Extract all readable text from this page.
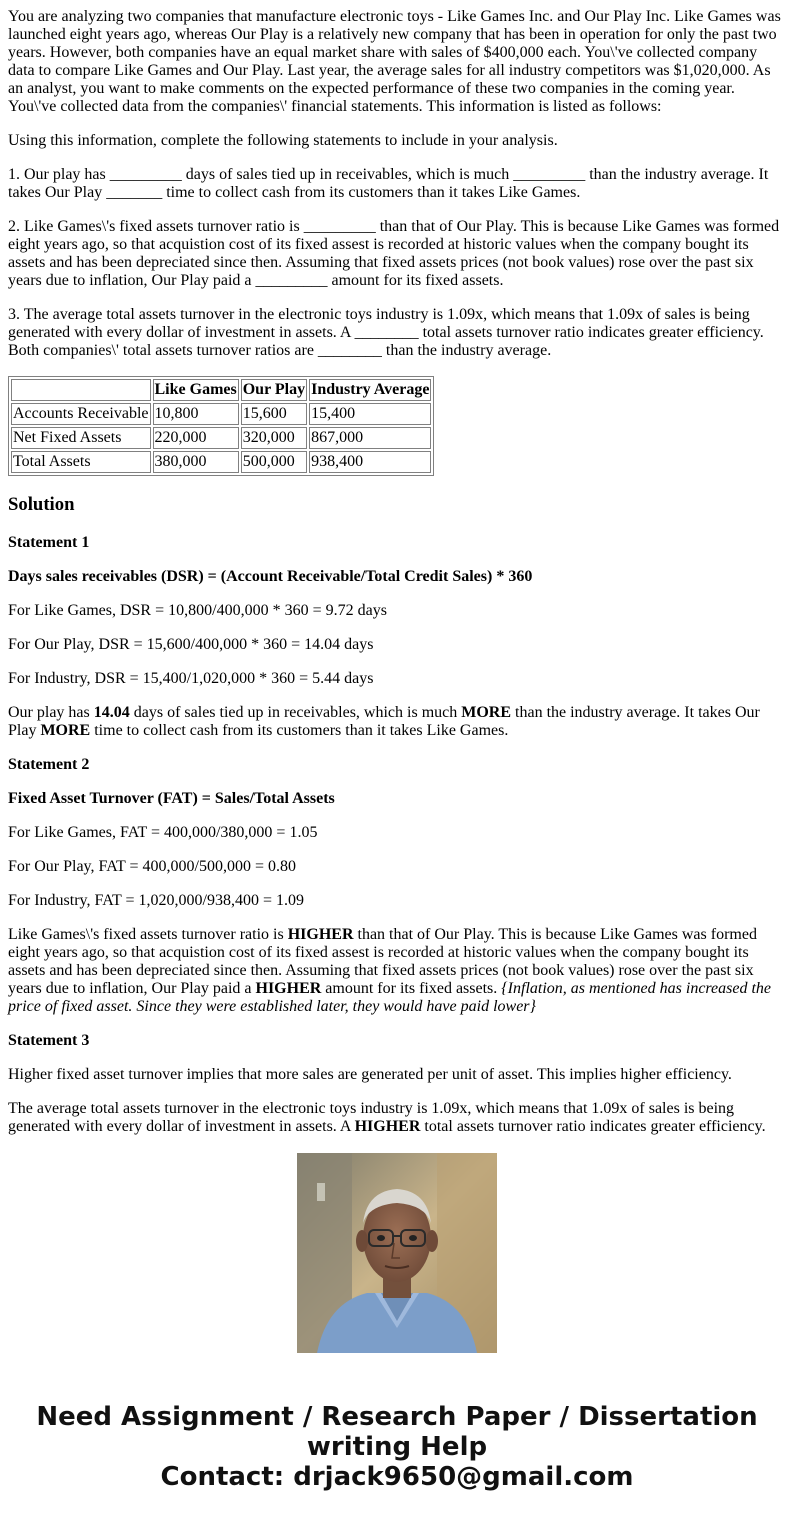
You are analyzing two companies that manufacture electronic toys - Like Games Inc. and Our Play Inc. Like Games was launched eight years ago, whereas Our Play is a relatively new company that has been in operation for only the past two years. However, both companies have an equal market share with sales of $400,000 each. You\'ve collected company data to compare Like Games and Our Play. Last year, the average sales for all industry competitors was $1,020,000. As an analyst, you want to make comments on the expected performance of these two companies in the coming year. You\'ve collected data from the companies\' financial statements. This information is listed as follows:

Using this information, complete the following statements to include in your analysis.

1. Our play has _________ days of sales tied up in receivables, which is much _________ than the industry average. It takes Our Play _______ time to collect cash from its customers than it takes Like Games.

2. Like Games\'s fixed assets turnover ratio is _________ than that of Our Play. This is because Like Games was formed eight years ago, so that acquistion cost of its fixed assest is recorded at historic values when the company bought its assets and has been depreciated since then. Assuming that fixed assets prices (not book values) rose over the past six years due to inflation, Our Play paid a _________ amount for its fixed assets.

3. The average total assets turnover in the electronic toys industry is 1.09x, which means that 1.09x of sales is being generated with every dollar of investment in assets. A ________ total assets turnover ratio indicates greater efficiency. Both companies\' total assets turnover ratios are ________ than the industry average.

	Like Games	Our Play	Industry Average
Accounts Receivable	10,800	15,600	15,400
Net Fixed Assets	220,000	320,000	867,000
Total Assets	380,000	500,000	938,400
Solution

Statement 1

Days sales receivables (DSR) = (Account Receivable/Total Credit Sales) * 360

For Like Games, DSR = 10,800/400,000 * 360 = 9.72 days

For Our Play, DSR = 15,600/400,000 * 360 = 14.04 days

For Industry, DSR = 15,400/1,020,000 * 360 = 5.44 days

Our play has 14.04 days of sales tied up in receivables, which is much MORE than the industry average. It takes Our Play MORE time to collect cash from its customers than it takes Like Games.

Statement 2

Fixed Asset Turnover (FAT) = Sales/Total Assets

For Like Games, FAT = 400,000/380,000 = 1.05

For Our Play, FAT = 400,000/500,000 = 0.80

For Industry, FAT = 1,020,000/938,400 = 1.09

Like Games\'s fixed assets turnover ratio is HIGHER than that of Our Play. This is because Like Games was formed eight years ago, so that acquistion cost of its fixed assest is recorded at historic values when the company bought its assets and has been depreciated since then. Assuming that fixed assets prices (not book values) rose over the past six years due to inflation, Our Play paid a HIGHER amount for its fixed assets. {Inflation, as mentioned has increased the price of fixed asset. Since they were established later, they would have paid lower}

Statement 3

Higher fixed asset turnover implies that more sales are generated per unit of asset. This implies higher efficiency.

The average total assets turnover in the electronic toys industry is 1.09x, which means that 1.09x of sales is being generated with every dollar of investment in assets. A HIGHER total assets turnover ratio indicates greater efficiency.

Need Assignment / Research Paper / Dissertation
writing Help
Contact: drjack9650@gmail.com
